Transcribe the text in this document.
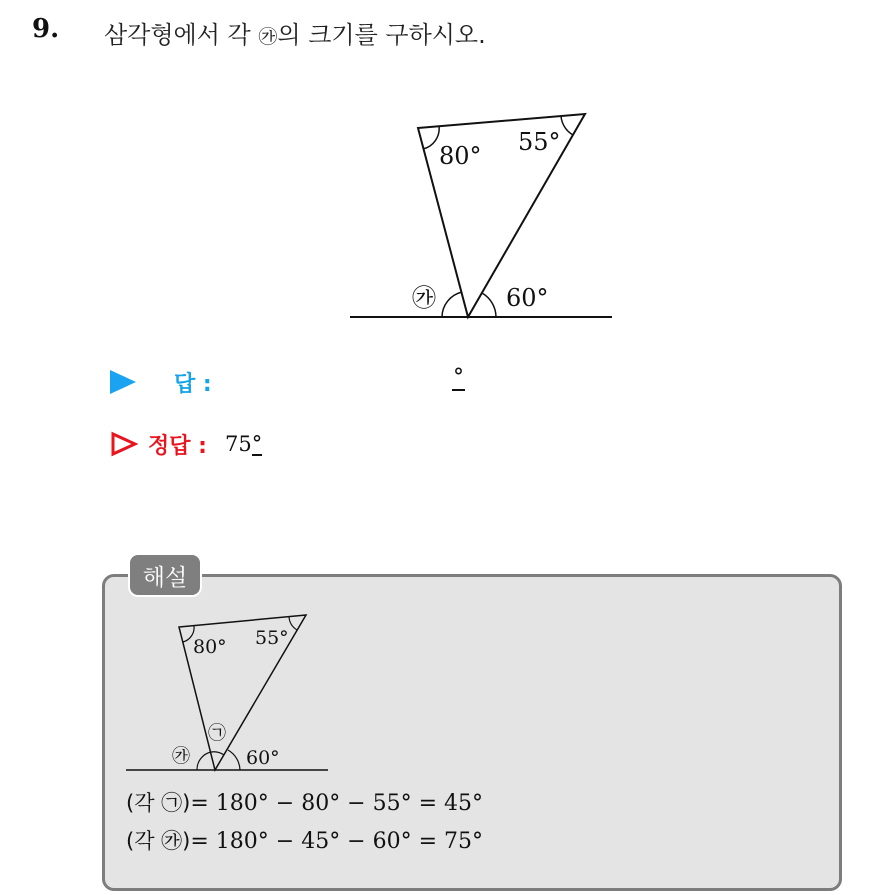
9. 삼각형에서 각 ㉮의 크기를 구하시오.
80° 55°
㉮	60°
답 :	°
정답 : 75°
해설
80° 55°
㉠
㉮	60°
(각 ㉠)= 180° − 80° − 55° = 45°
(각 ㉮)= 180° − 45° − 60° = 75°
